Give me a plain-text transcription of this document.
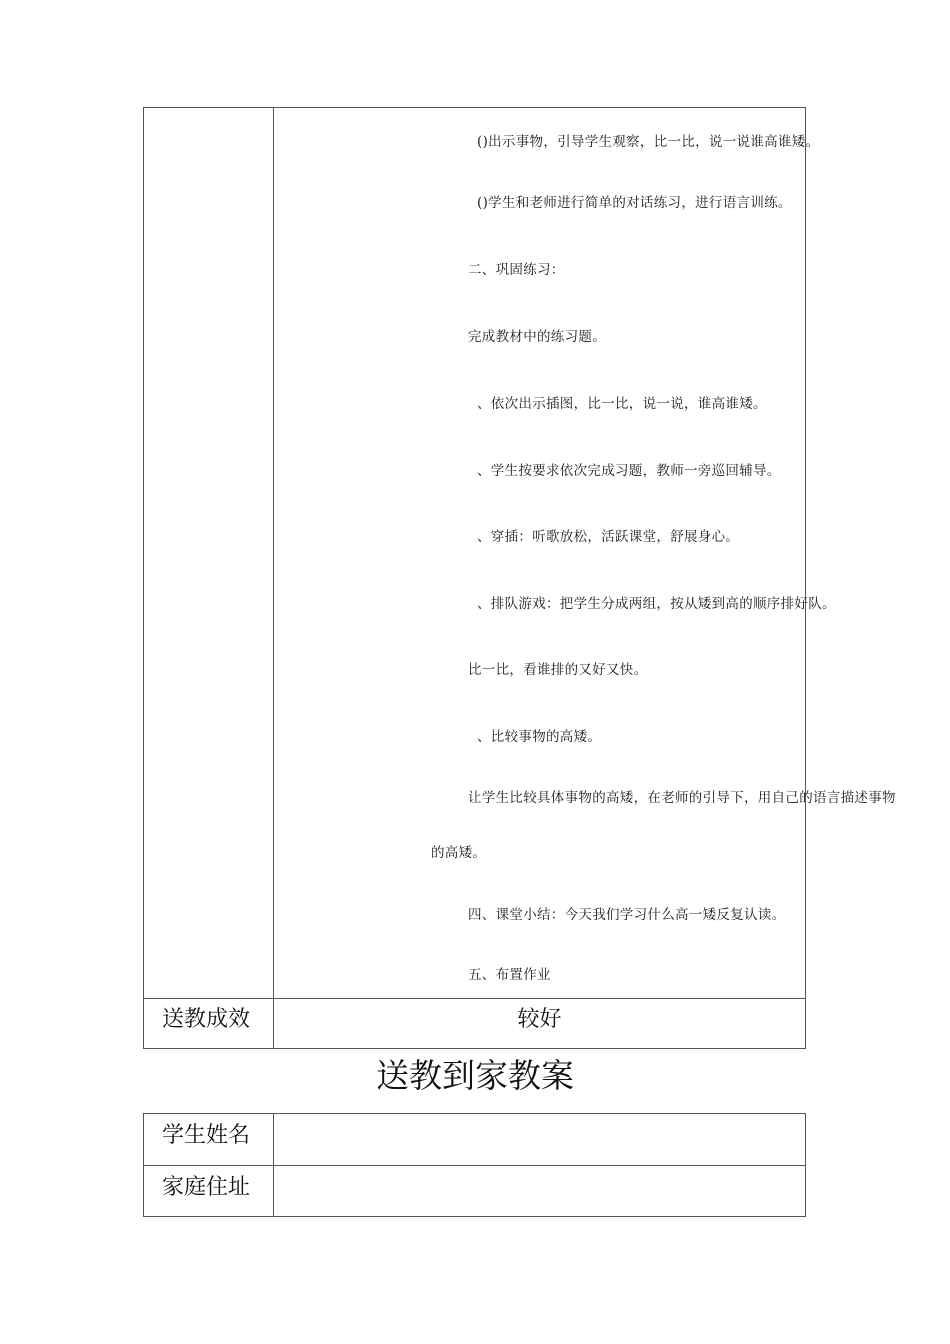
()出示事物，引导学生观察，比一比，说一说谁高谁矮。
()学生和老师进行简单的对话练习，进行语言训练。
二、巩固练习：
完成教材中的练习题。
、依次出示插图，比一比，说一说，谁高谁矮。
、学生按要求依次完成习题，教师一旁巡回辅导。
、穿插：听歌放松，活跃课堂，舒展身心。
、排队游戏：把学生分成两组，按从矮到高的顺序排好队。
比一比，看谁排的又好又快。
、比较事物的高矮。
让学生比较具体事物的高矮，在老师的引导下，用自己的语言描述事物
的高矮。
四、课堂小结：今天我们学习什么高一矮反复认读。
五、布置作业
送教成效	较好
送教到家教案
学生姓名
家庭住址
